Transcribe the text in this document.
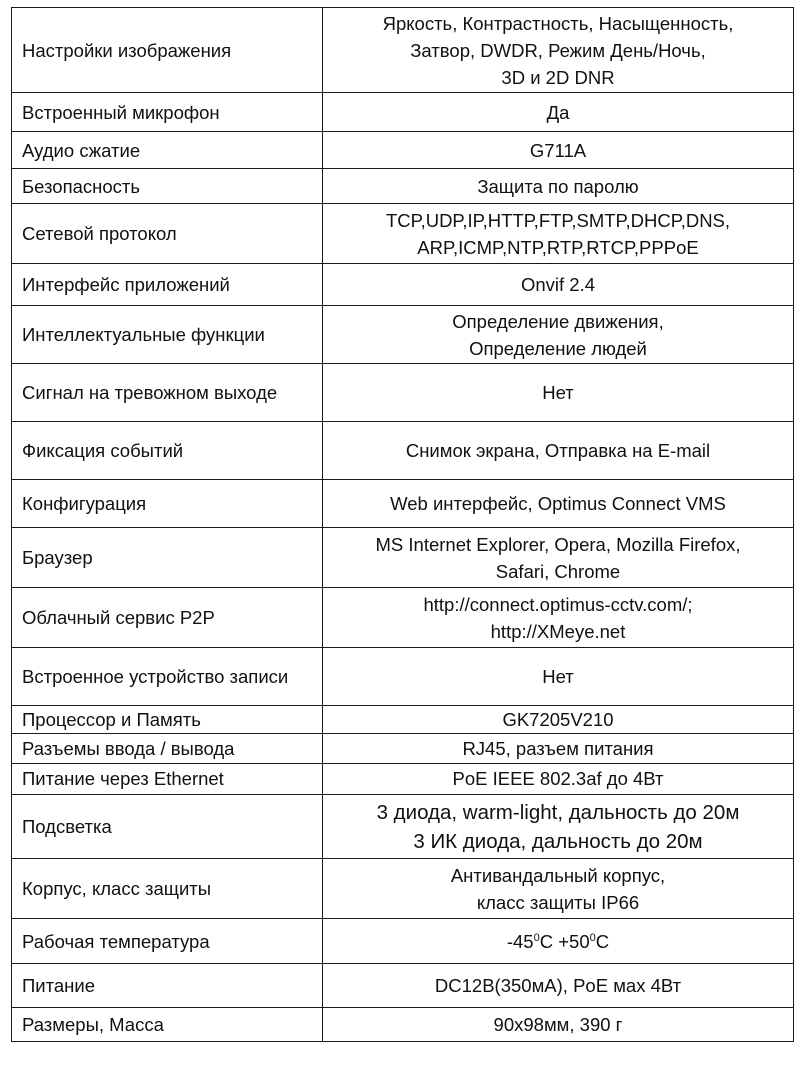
Настройки изображения	Яркость, Контрастность, Насыщенность,
Затвор, DWDR, Режим День/Ночь,
3D и 2D DNR

Встроенный микрофон	Да

Аудио сжатие	G711A

Безопасность	Защита по паролю

Сетевой протокол	TCP,UDP,IP,HTTP,FTP,SMTP,DHCP,DNS,
ARP,ICMP,NTP,RTP,RTCP,PPPoE

Интерфейс приложений	Onvif 2.4

Интеллектуальные функции	Определение движения,
Определение людей

Сигнал на тревожном выходе	Нет

Фиксация событий	Снимок экрана, Отправка на E-mail

Конфигурация	Web интерфейс, Optimus Connect VMS

Браузер	MS Internet Explorer, Opera, Mozilla Firefox,
Safari, Chrome

Облачный сервис P2P	http://connect.optimus-cctv.com/;
http://XMeye.net

Встроенное устройство записи	Нет

Процессор и Память	GK7205V210

Разъемы ввода / вывода	RJ45, разъем питания

Питание через Ethernet	PoE IEEE 802.3af до 4Вт

Подсветка	3 диода, warm-light, дальность до 20м
3 ИК диода, дальность до 20м

Корпус, класс защиты	Антивандальный корпус,
класс защиты IP66

Рабочая температура	$-45^0C +50^0C$

Питание	DC12В(350мА), PoE мах 4Вт

Размеры, Масса	90х98мм, 390 г
